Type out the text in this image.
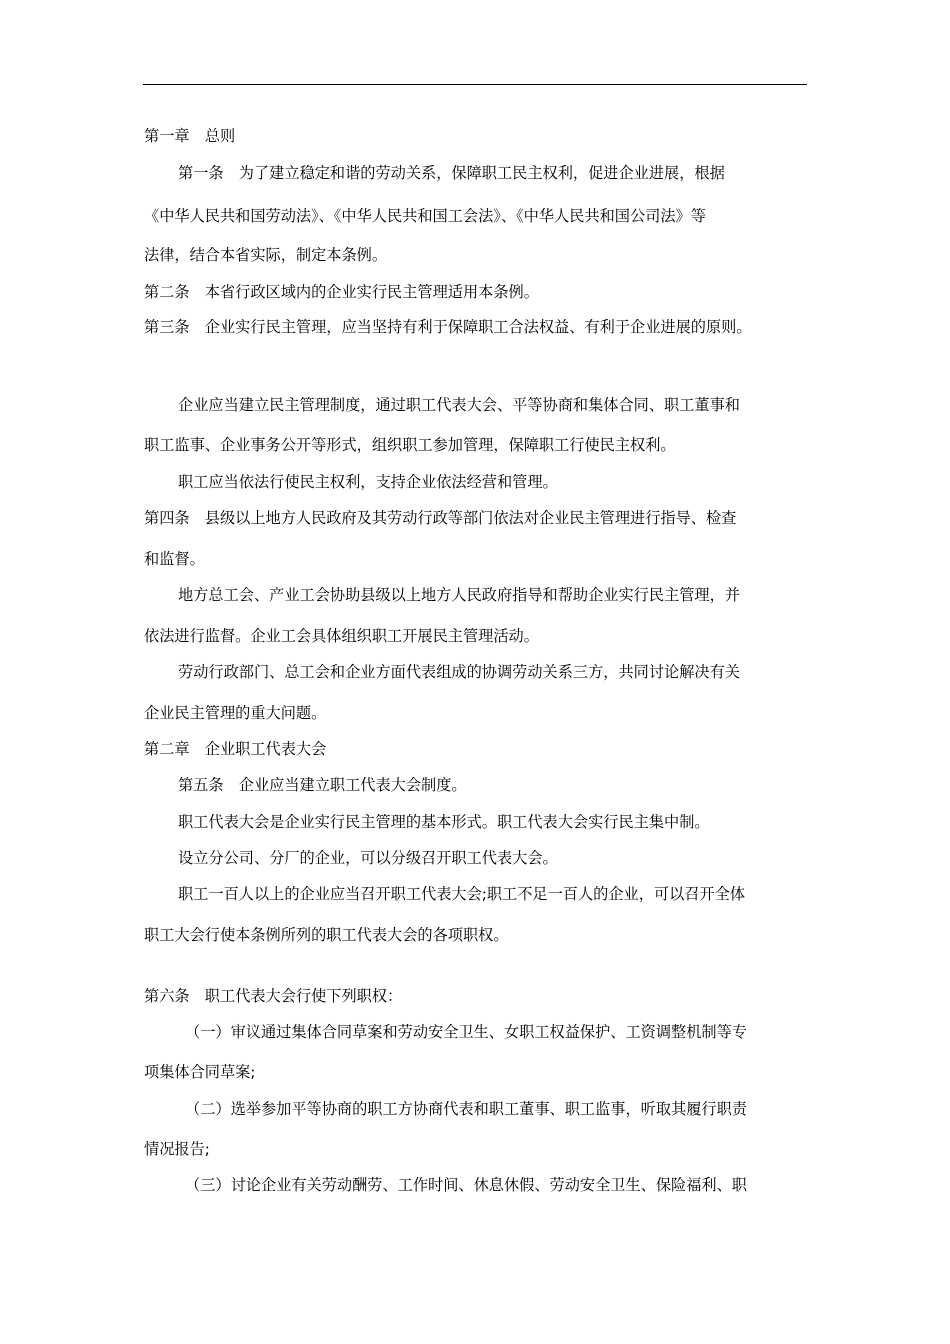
第一章　总则
第一条　为了建立稳定和谐的劳动关系，保障职工民主权利，促进企业进展，根据
《中华人民共和国劳动法》、《中华人民共和国工会法》、《中华人民共和国公司法》等
法律，结合本省实际，制定本条例。
第二条　本省行政区域内的企业实行民主管理适用本条例。
第三条　企业实行民主管理，应当坚持有利于保障职工合法权益、有利于企业进展的原则。
企业应当建立民主管理制度，通过职工代表大会、平等协商和集体合同、职工董事和
职工监事、企业事务公开等形式，组织职工参加管理，保障职工行使民主权利。
职工应当依法行使民主权利，支持企业依法经营和管理。
第四条　县级以上地方人民政府及其劳动行政等部门依法对企业民主管理进行指导、检查
和监督。
地方总工会、产业工会协助县级以上地方人民政府指导和帮助企业实行民主管理，并
依法进行监督。企业工会具体组织职工开展民主管理活动。
劳动行政部门、总工会和企业方面代表组成的协调劳动关系三方，共同讨论解决有关
企业民主管理的重大问题。
第二章　企业职工代表大会
第五条　企业应当建立职工代表大会制度。
职工代表大会是企业实行民主管理的基本形式。职工代表大会实行民主集中制。
设立分公司、分厂的企业，可以分级召开职工代表大会。
职工一百人以上的企业应当召开职工代表大会;职工不足一百人的企业，可以召开全体
职工大会行使本条例所列的职工代表大会的各项职权。
第六条　职工代表大会行使下列职权：
（一）审议通过集体合同草案和劳动安全卫生、女职工权益保护、工资调整机制等专
项集体合同草案;
（二）选举参加平等协商的职工方协商代表和职工董事、职工监事，听取其履行职责
情况报告;
（三）讨论企业有关劳动酬劳、工作时间、休息休假、劳动安全卫生、保险福利、职
